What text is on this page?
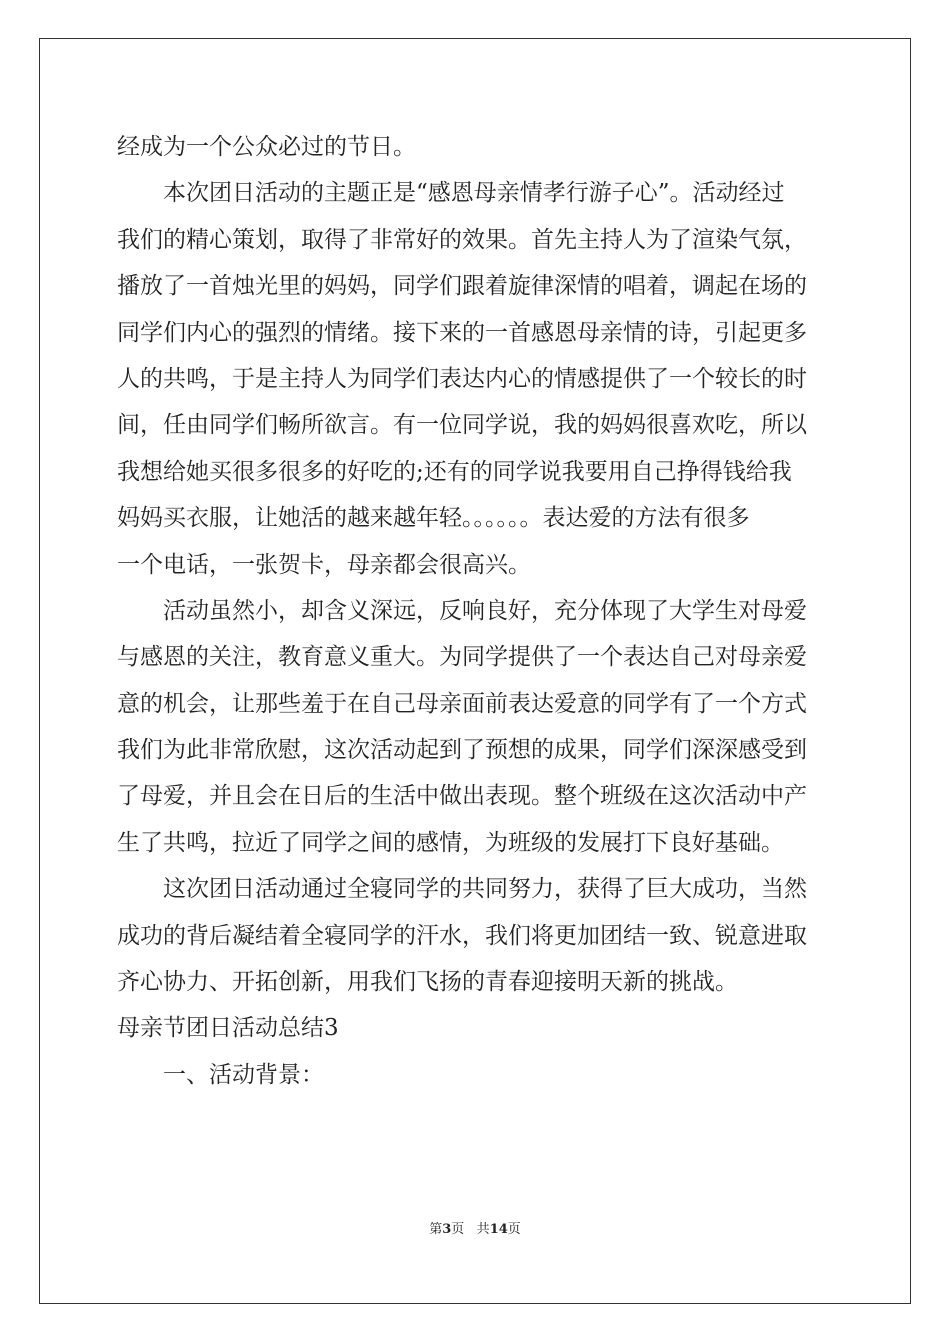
经成为一个公众必过的节日。
本次团日活动的主题正是“感恩母亲情孝行游子心”。活动经过
我们的精心策划，取得了非常好的效果。首先主持人为了渲染气氛，
播放了一首烛光里的妈妈，同学们跟着旋律深情的唱着，调起在场的
同学们内心的强烈的情绪。接下来的一首感恩母亲情的诗，引起更多
人的共鸣，于是主持人为同学们表达内心的情感提供了一个较长的时
间，任由同学们畅所欲言。有一位同学说，我的妈妈很喜欢吃，所以
我想给她买很多很多的好吃的;还有的同学说我要用自己挣得钱给我
妈妈买衣服，让她活的越来越年轻。。。。。。表达爱的方法有很多
一个电话，一张贺卡，母亲都会很高兴。
活动虽然小，却含义深远，反响良好，充分体现了大学生对母爱
与感恩的关注，教育意义重大。为同学提供了一个表达自己对母亲爱
意的机会，让那些羞于在自己母亲面前表达爱意的同学有了一个方式
我们为此非常欣慰，这次活动起到了预想的成果，同学们深深感受到
了母爱，并且会在日后的生活中做出表现。整个班级在这次活动中产
生了共鸣，拉近了同学之间的感情，为班级的发展打下良好基础。
这次团日活动通过全寝同学的共同努力，获得了巨大成功，当然
成功的背后凝结着全寝同学的汗水，我们将更加团结一致、锐意进取
齐心协力、开拓创新，用我们飞扬的青春迎接明天新的挑战。
母亲节团日活动总结3
一、活动背景：
第3页 共14页
